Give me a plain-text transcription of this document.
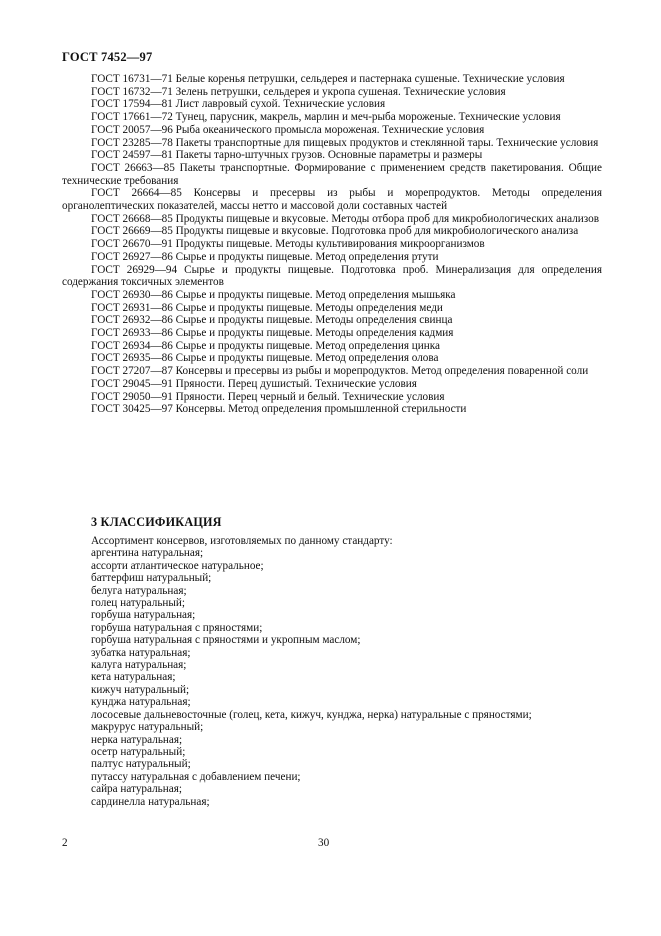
ГОСТ 7452—97

ГОСТ 16731—71 Белые коренья петрушки, сельдерея и пастернака сушеные. Технические условия

ГОСТ 16732—71 Зелень петрушки, сельдерея и укропа сушеная. Технические условия

ГОСТ 17594—81 Лист лавровый сухой. Технические условия

ГОСТ 17661—72 Тунец, парусник, макрель, марлин и меч-рыба мороженые. Технические условия

ГОСТ 20057—96 Рыба океанического промысла мороженая. Технические условия

ГОСТ 23285—78 Пакеты транспортные для пищевых продуктов и стеклянной тары. Технические условия

ГОСТ 24597—81 Пакеты тарно-штучных грузов. Основные параметры и размеры

ГОСТ 26663—85 Пакеты транспортные. Формирование с применением средств пакетирования. Общие технические требования

ГОСТ 26664—85 Консервы и пресервы из рыбы и морепродуктов. Методы определения органолептических показателей, массы нетто и массовой доли составных частей

ГОСТ 26668—85 Продукты пищевые и вкусовые. Методы отбора проб для микробиологических анализов

ГОСТ 26669—85 Продукты пищевые и вкусовые. Подготовка проб для микробиологического анализа

ГОСТ 26670—91 Продукты пищевые. Методы культивирования микроорганизмов

ГОСТ 26927—86 Сырье и продукты пищевые. Метод определения ртути

ГОСТ 26929—94 Сырье и продукты пищевые. Подготовка проб. Минерализация для определения содержания токсичных элементов

ГОСТ 26930—86 Сырье и продукты пищевые. Метод определения мышьяка

ГОСТ 26931—86 Сырье и продукты пищевые. Методы определения меди

ГОСТ 26932—86 Сырье и продукты пищевые. Методы определения свинца

ГОСТ 26933—86 Сырье и продукты пищевые. Методы определения кадмия

ГОСТ 26934—86 Сырье и продукты пищевые. Метод определения цинка

ГОСТ 26935—86 Сырье и продукты пищевые. Метод определения олова

ГОСТ 27207—87 Консервы и пресервы из рыбы и морепродуктов. Метод определения поваренной соли

ГОСТ 29045—91 Пряности. Перец душистый. Технические условия

ГОСТ 29050—91 Пряности. Перец черный и белый. Технические условия

ГОСТ 30425—97 Консервы. Метод определения промышленной стерильности

3 КЛАССИФИКАЦИЯ

Ассортимент консервов, изготовляемых по данному стандарту:

аргентина натуральная;

ассорти атлантическое натуральное;

баттерфиш натуральный;

белуга натуральная;

голец натуральный;

горбуша натуральная;

горбуша натуральная с пряностями;

горбуша натуральная с пряностями и укропным маслом;

зубатка натуральная;

калуга натуральная;

кета натуральная;

кижуч натуральный;

кунджа натуральная;

лососевые дальневосточные (голец, кета, кижуч, кунджа, нерка) натуральные с пряностями;

макрурус натуральный;

нерка натуральная;

осетр натуральный;

палтус натуральный;

путассу натуральная с добавлением печени;

сайра натуральная;

сардинелла натуральная;

2	30
